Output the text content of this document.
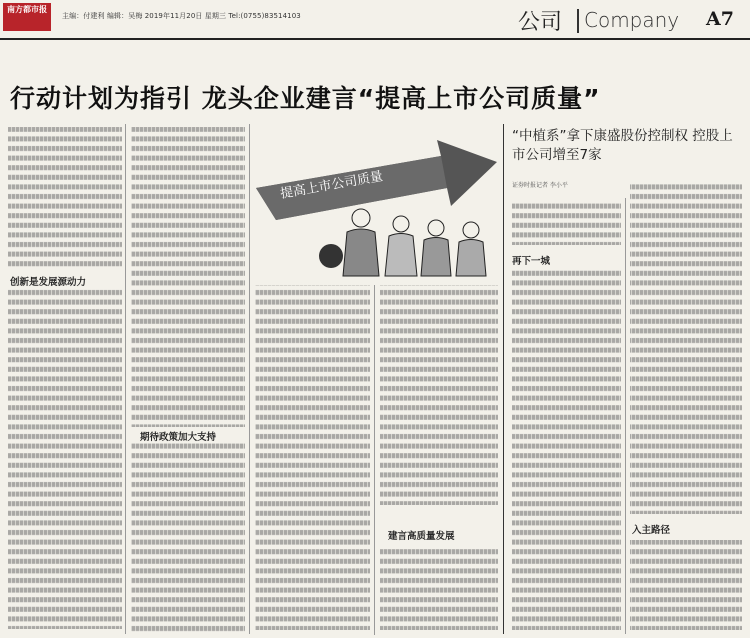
南方都市报
主编：付建利 编辑：吴梅 2019年11月20日 星期三 Tel:(0755)83514103	公司 Company A7
行动计划为指引 龙头企业建言“提高上市公司质量”
创新是发展源动力
期待政策加大支持
建言高质量发展
提高上市公司质量
“中植系”拿下康盛股份控制权 控股上市公司增至7家
证券时报记者 李小平
再下一城
入主路径
